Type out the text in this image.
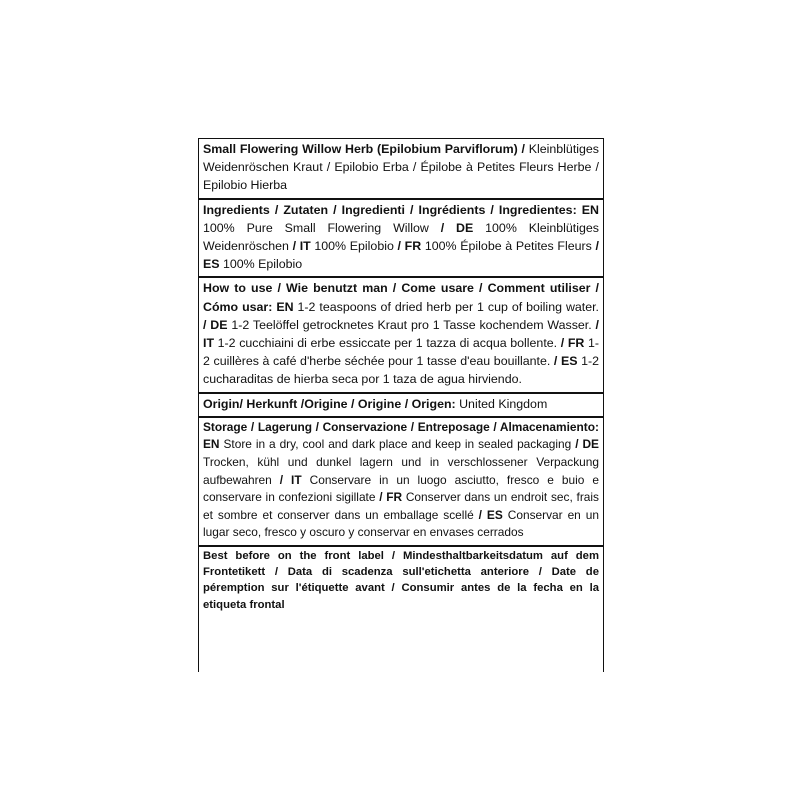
Small Flowering Willow Herb (Epilobium Parviflorum) / Kleinblütiges Weidenröschen Kraut / Epilobio Erba / Épilobe à Petites Fleurs Herbe / Epilobio Hierba
Ingredients / Zutaten / Ingredienti / Ingrédients / Ingredientes: EN 100% Pure Small Flowering Willow / DE 100% Kleinblütiges Weidenröschen / IT 100% Epilobio / FR 100% Épilobe à Petites Fleurs / ES 100% Epilobio
How to use / Wie benutzt man / Come usare / Comment utiliser / Cómo usar: EN 1-2 teaspoons of dried herb per 1 cup of boiling water. / DE 1-2 Teelöffel getrocknetes Kraut pro 1 Tasse kochendem Wasser. / IT 1-2 cucchiaini di erbe essiccate per 1 tazza di acqua bollente. / FR 1-2 cuillères à café d'herbe séchée pour 1 tasse d'eau bouillante. / ES 1-2 cucharaditas de hierba seca por 1 taza de agua hirviendo.
Origin/ Herkunft /Origine / Origine / Origen: United Kingdom
Storage / Lagerung / Conservazione / Entreposage / Almacenamiento: EN Store in a dry, cool and dark place and keep in sealed packaging / DE Trocken, kühl und dunkel lagern und in verschlossener Verpackung aufbewahren / IT Conservare in un luogo asciutto, fresco e buio e conservare in confezioni sigillate / FR Conserver dans un endroit sec, frais et sombre et conserver dans un emballage scellé / ES Conservar en un lugar seco, fresco y oscuro y conservar en envases cerrados
Best before on the front label / Mindesthaltbarkeitsdatum auf dem Frontetikett / Data di scadenza sull'etichetta anteriore / Date de péremption sur l'étiquette avant / Consumir antes de la fecha en la etiqueta frontal
